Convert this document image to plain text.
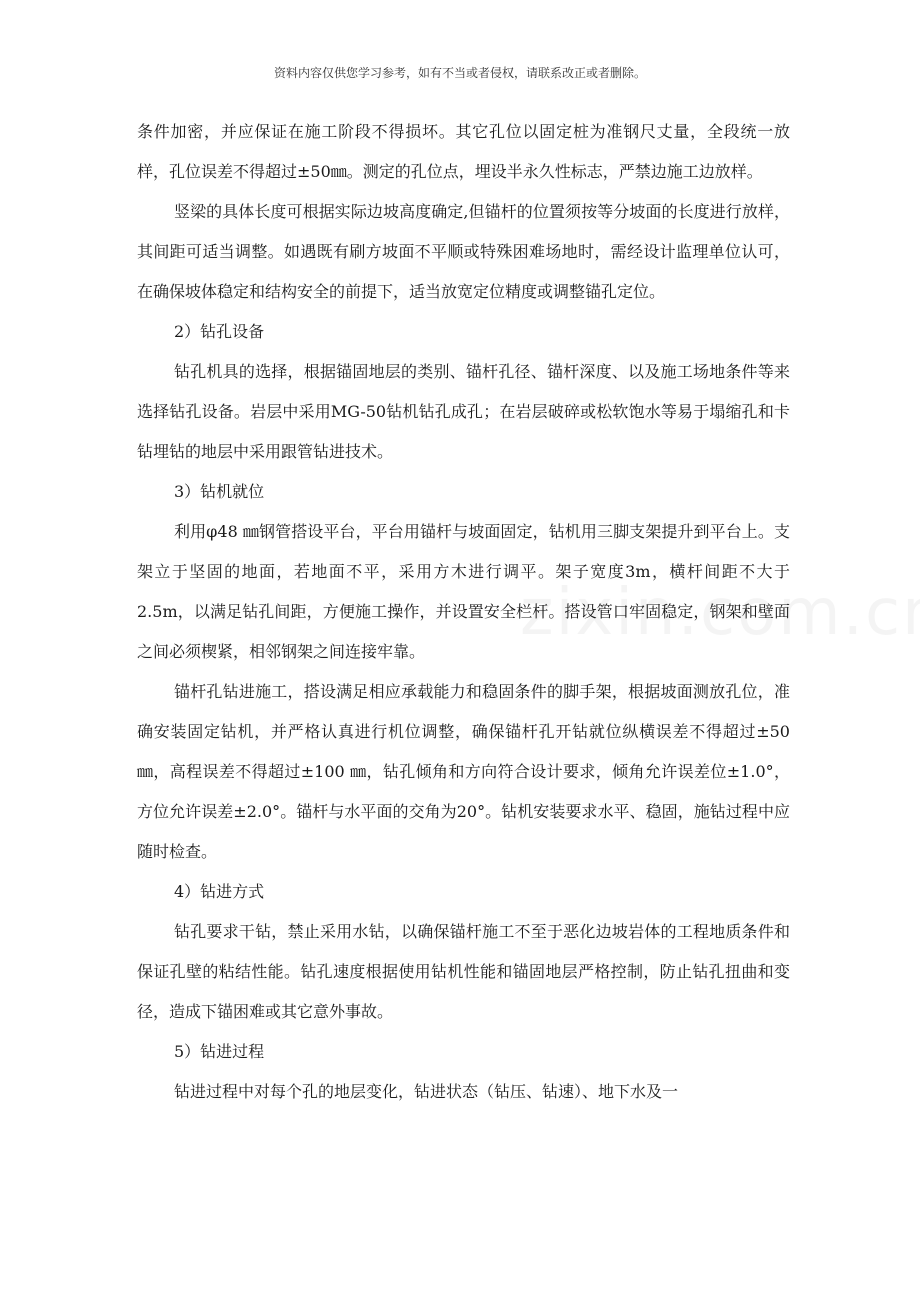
资料内容仅供您学习参考，如有不当或者侵权，请联系改正或者删除。

条件加密，并应保证在施工阶段不得损坏。其它孔位以固定桩为准钢尺丈量，全段统一放样，孔位误差不得超过±50㎜。测定的孔位点，埋设半永久性标志，严禁边施工边放样。

竖梁的具体长度可根据实际边坡高度确定,但锚杆的位置须按等分坡面的长度进行放样，其间距可适当调整。如遇既有刷方坡面不平顺或特殊困难场地时，需经设计监理单位认可，在确保坡体稳定和结构安全的前提下，适当放宽定位精度或调整锚孔定位。

2）钻孔设备

钻孔机具的选择，根据锚固地层的类别、锚杆孔径、锚杆深度、以及施工场地条件等来选择钻孔设备。岩层中采用MG-50钻机钻孔成孔；在岩层破碎或松软饱水等易于塌缩孔和卡钻埋钻的地层中采用跟管钻进技术。

3）钻机就位

利用φ48 ㎜钢管搭设平台，平台用锚杆与坡面固定，钻机用三脚支架提升到平台上。支架立于坚固的地面，若地面不平，采用方木进行调平。架子宽度3m，横杆间距不大于2.5m，以满足钻孔间距，方便施工操作，并设置安全栏杆。搭设管口牢固稳定，钢架和壁面之间必须楔紧，相邻钢架之间连接牢靠。

锚杆孔钻进施工，搭设满足相应承载能力和稳固条件的脚手架，根据坡面测放孔位，准确安装固定钻机，并严格认真进行机位调整，确保锚杆孔开钻就位纵横误差不得超过±50㎜，高程误差不得超过±100 ㎜，钻孔倾角和方向符合设计要求，倾角允许误差位±1.0°，方位允许误差±2.0°。锚杆与水平面的交角为20°。钻机安装要求水平、稳固，施钻过程中应随时检查。

4）钻进方式

钻孔要求干钻，禁止采用水钻，以确保锚杆施工不至于恶化边坡岩体的工程地质条件和保证孔壁的粘结性能。钻孔速度根据使用钻机性能和锚固地层严格控制，防止钻孔扭曲和变径，造成下锚困难或其它意外事故。

5）钻进过程

钻进过程中对每个孔的地层变化，钻进状态（钻压、钻速）、地下水及一
